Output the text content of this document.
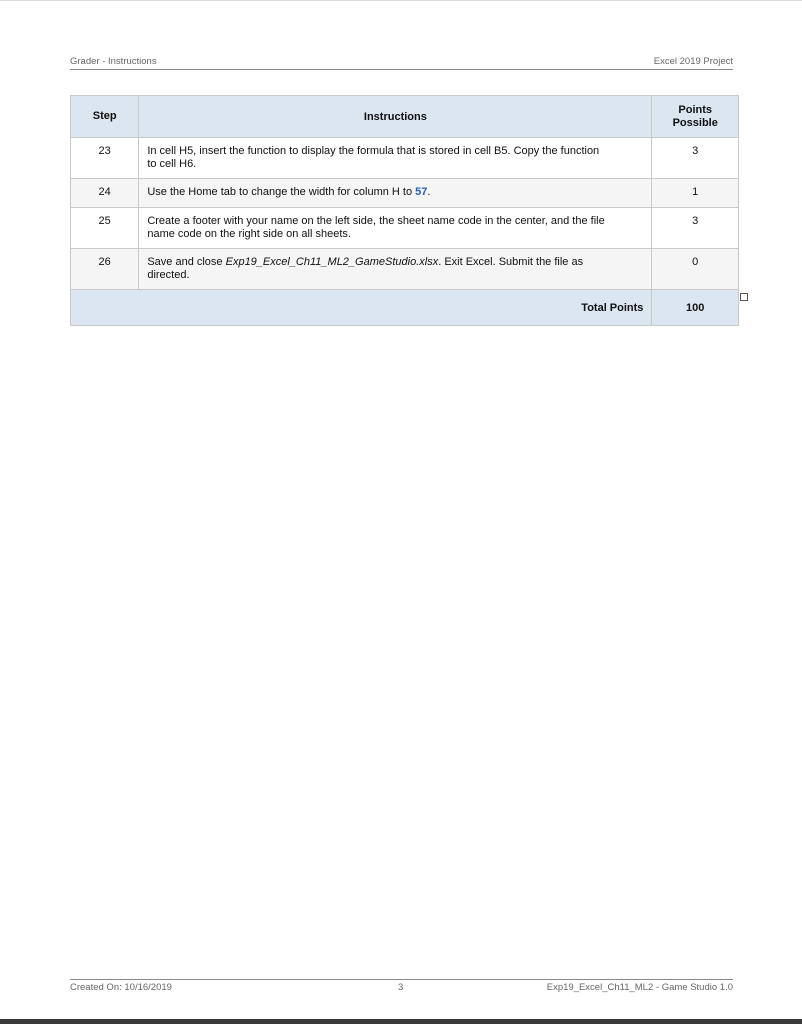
Grader - Instructions	Excel 2019 Project
Step	Instructions	Points
Possible
23	In cell H5, insert the function to display the formula that is stored in cell B5. Copy the function
to cell H6.	3
24	Use the Home tab to change the width for column H to 57.	1
25	Create a footer with your name on the left side, the sheet name code in the center, and the file
name code on the right side on all sheets.	3
26	Save and close Exp19_Excel_Ch11_ML2_GameStudio.xlsx. Exit Excel. Submit the file as
directed.	0
	Total Points	100
Created On: 10/16/2019	3	Exp19_Excel_Ch11_ML2 - Game Studio 1.0
